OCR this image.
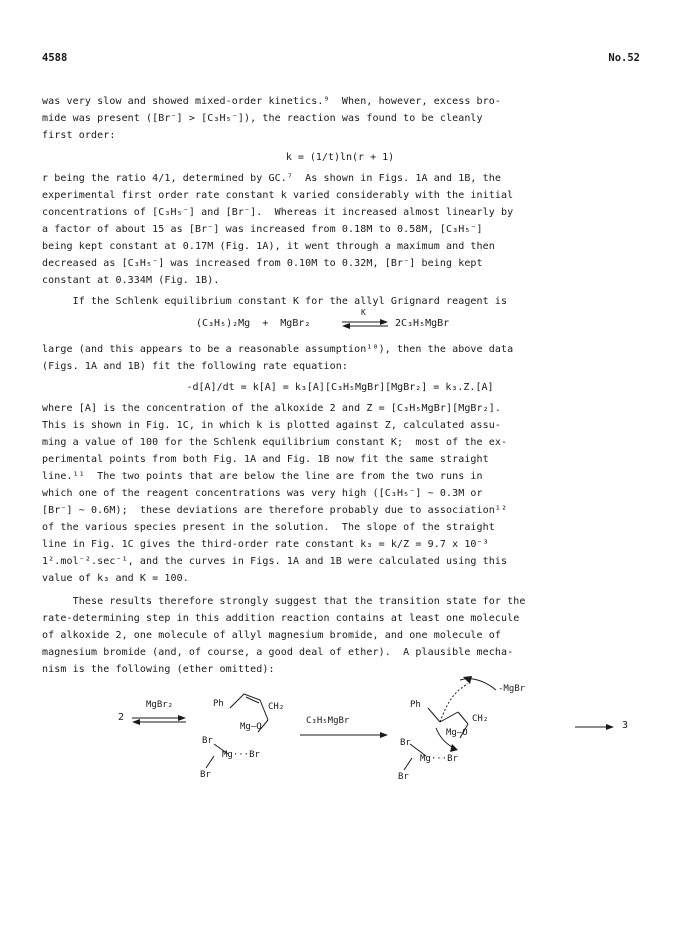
4588	No.52
was very slow and showed mixed-order kinetics.⁹  When, however, excess bro-
mide was present ([Br⁻] > [C₃H₅⁻]), the reaction was found to be cleanly
first order:
k = (1/t)ln(r + 1)
r being the ratio 4/1, determined by GC.⁷  As shown in Figs. 1A and 1B, the
experimental first order rate constant k varied considerably with the initial
concentrations of [C₃H₅⁻] and [Br⁻].  Whereas it increased almost linearly by
a factor of about 15 as [Br⁻] was increased from 0.18M to 0.58M, [C₃H₅⁻]
being kept constant at 0.17M (Fig. 1A), it went through a maximum and then
decreased as [C₃H₅⁻] was increased from 0.10M to 0.32M, [Br⁻] being kept
constant at 0.334M (Fig. 1B).
If the Schlenk equilibrium constant K for the allyl Grignard reagent is
(C₃H₅)₂Mg  +  MgBr₂
K
2C₃H₅MgBr
large (and this appears to be a reasonable assumption¹⁰), then the above data
(Figs. 1A and 1B) fit the following rate equation:
-d[A]/dt = k[A] = k₃[A][C₃H₅MgBr][MgBr₂] = k₃.Z.[A]
where [A] is the concentration of the alkoxide 2 and Z = [C₃H₅MgBr][MgBr₂].
This is shown in Fig. 1C, in which k is plotted against Z, calculated assu-
ming a value of 100 for the Schlenk equilibrium constant K;  most of the ex-
perimental points from both Fig. 1A and Fig. 1B now fit the same straight
line.¹¹  The two points that are below the line are from the two runs in
which one of the reagent concentrations was very high ([C₃H₅⁻] ~ 0.3M or
[Br⁻] ~ 0.6M);  these deviations are therefore probably due to association¹²
of the various species present in the solution.  The slope of the straight
line in Fig. 1C gives the third-order rate constant k₃ = k/Z = 9.7 x 10⁻³
1².mol⁻².sec⁻¹, and the curves in Figs. 1A and 1B were calculated using this
value of k₃ and K = 100.
These results therefore strongly suggest that the transition state for the
rate-determining step in this addition reaction contains at least one molecule
of alkoxide 2, one molecule of allyl magnesium bromide, and one molecule of
magnesium bromide (and, of course, a good deal of ether).  A plausible mecha-
nism is the following (ether omitted):
2
MgBr₂	Ph	CH₂
Br
Mg–O
Mg···Br
Br
C₃H₅MgBr
-MgBr
Ph
CH₂
Br
Mg–O
Mg···Br
Br
3
